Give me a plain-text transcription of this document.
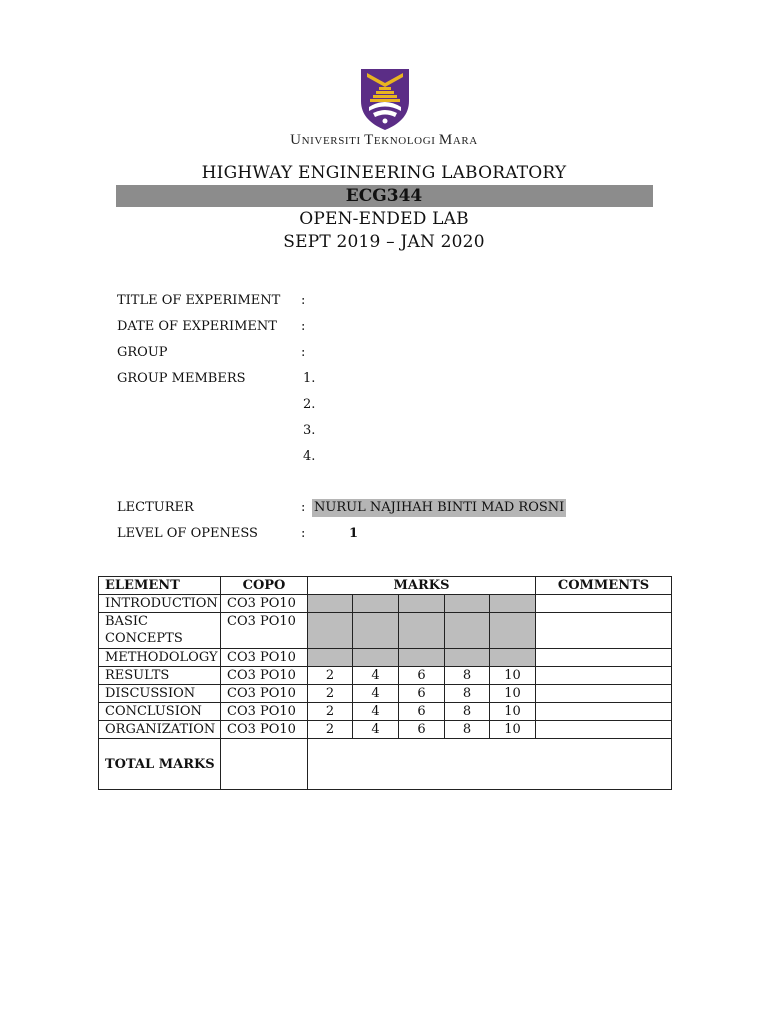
UNIVERSITI TEKNOLOGI MARA
HIGHWAY ENGINEERING LABORATORY
ECG344
OPEN-ENDED LAB
SEPT 2019 – JAN 2020
TITLE OF EXPERIMENT :
DATE OF EXPERIMENT :
GROUP	:
GROUP MEMBERS	1.
2.
3.
4.
LECTURER	: NURUL NAJIHAH BINTI MAD ROSNI
LEVEL OF OPENESS	:	1
ELEMENT	COPO	MARKS					COMMENTS
INTRODUCTION	CO3 PO10						
BASIC CONCEPTS	CO3 PO10						
METHODOLOGY	CO3 PO10						
RESULTS	CO3 PO10	2	4	6	8	10	
DISCUSSION	CO3 PO10	2	4	6	8	10	
CONCLUSION	CO3 PO10	2	4	6	8	10	
ORGANIZATION	CO3 PO10	2	4	6	8	10	
TOTAL MARKS							
